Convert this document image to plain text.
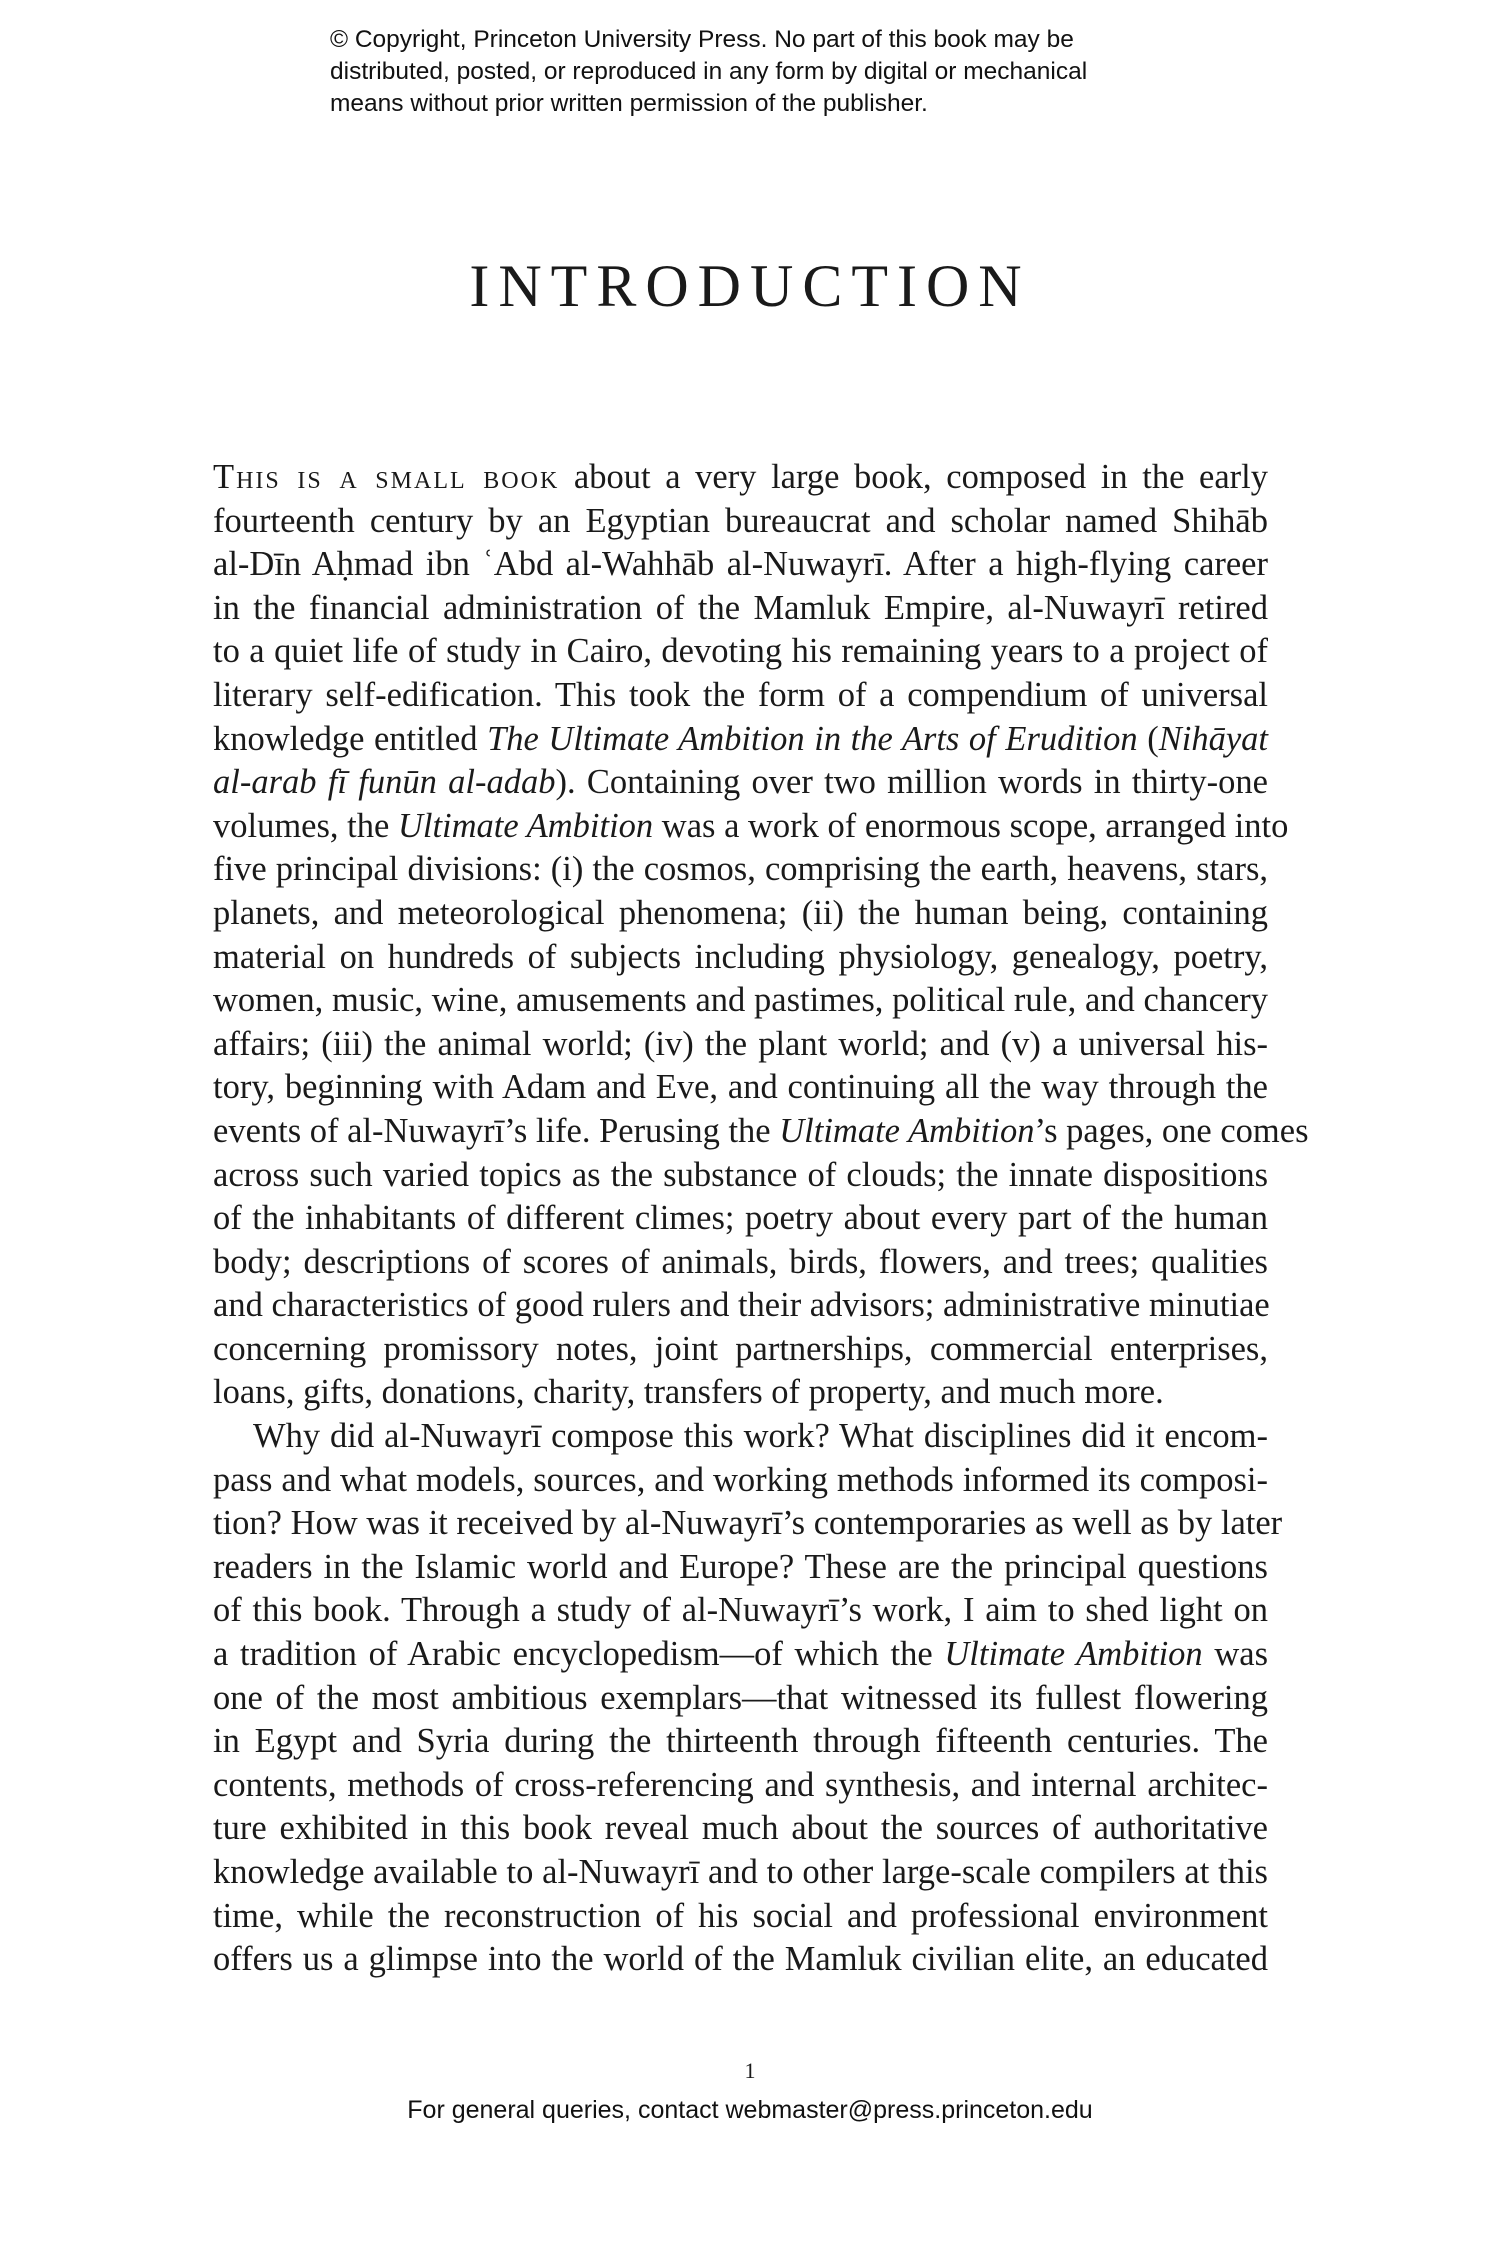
© Copyright, Princeton University Press. No part of this book may be
distributed, posted, or reproduced in any form by digital or mechanical
means without prior written permission of the publisher.
INTRODUCTION
This is a small book about a very large book, composed in the early
fourteenth century by an Egyptian bureaucrat and scholar named Shihāb
al-Dīn Aḥmad ibn ʿAbd al-Wahhāb al-Nuwayrī. After a high-flying career
in the financial administration of the Mamluk Empire, al-Nuwayrī retired
to a quiet life of study in Cairo, devoting his remaining years to a project of
literary self-edification. This took the form of a compendium of universal
knowledge entitled The Ultimate Ambition in the Arts of Erudition (Nihāyat
al-arab fī funūn al-adab). Containing over two million words in thirty-one
volumes, the Ultimate Ambition was a work of enormous scope, arranged into
five principal divisions: (i) the cosmos, comprising the earth, heavens, stars,
planets, and meteorological phenomena; (ii) the human being, containing
material on hundreds of subjects including physiology, genealogy, poetry,
women, music, wine, amusements and pastimes, political rule, and chancery
affairs; (iii) the animal world; (iv) the plant world; and (v) a universal his-
tory, beginning with Adam and Eve, and continuing all the way through the
events of al-Nuwayrī’s life. Perusing the Ultimate Ambition’s pages, one comes
across such varied topics as the substance of clouds; the innate dispositions
of the inhabitants of different climes; poetry about every part of the human
body; descriptions of scores of animals, birds, flowers, and trees; qualities
and characteristics of good rulers and their advisors; administrative minutiae
concerning promissory notes, joint partnerships, commercial enterprises,
loans, gifts, donations, charity, transfers of property, and much more.
Why did al-Nuwayrī compose this work? What disciplines did it encom-
pass and what models, sources, and working methods informed its composi-
tion? How was it received by al-Nuwayrī’s contemporaries as well as by later
readers in the Islamic world and Europe? These are the principal questions
of this book. Through a study of al-Nuwayrī’s work, I aim to shed light on
a tradition of Arabic encyclopedism—of which the Ultimate Ambition was
one of the most ambitious exemplars—that witnessed its fullest flowering
in Egypt and Syria during the thirteenth through fifteenth centuries. The
contents, methods of cross-referencing and synthesis, and internal architec-
ture exhibited in this book reveal much about the sources of authoritative
knowledge available to al-Nuwayrī and to other large-scale compilers at this
time, while the reconstruction of his social and professional environment
offers us a glimpse into the world of the Mamluk civilian elite, an educated
1
For general queries, contact webmaster@press.princeton.edu
